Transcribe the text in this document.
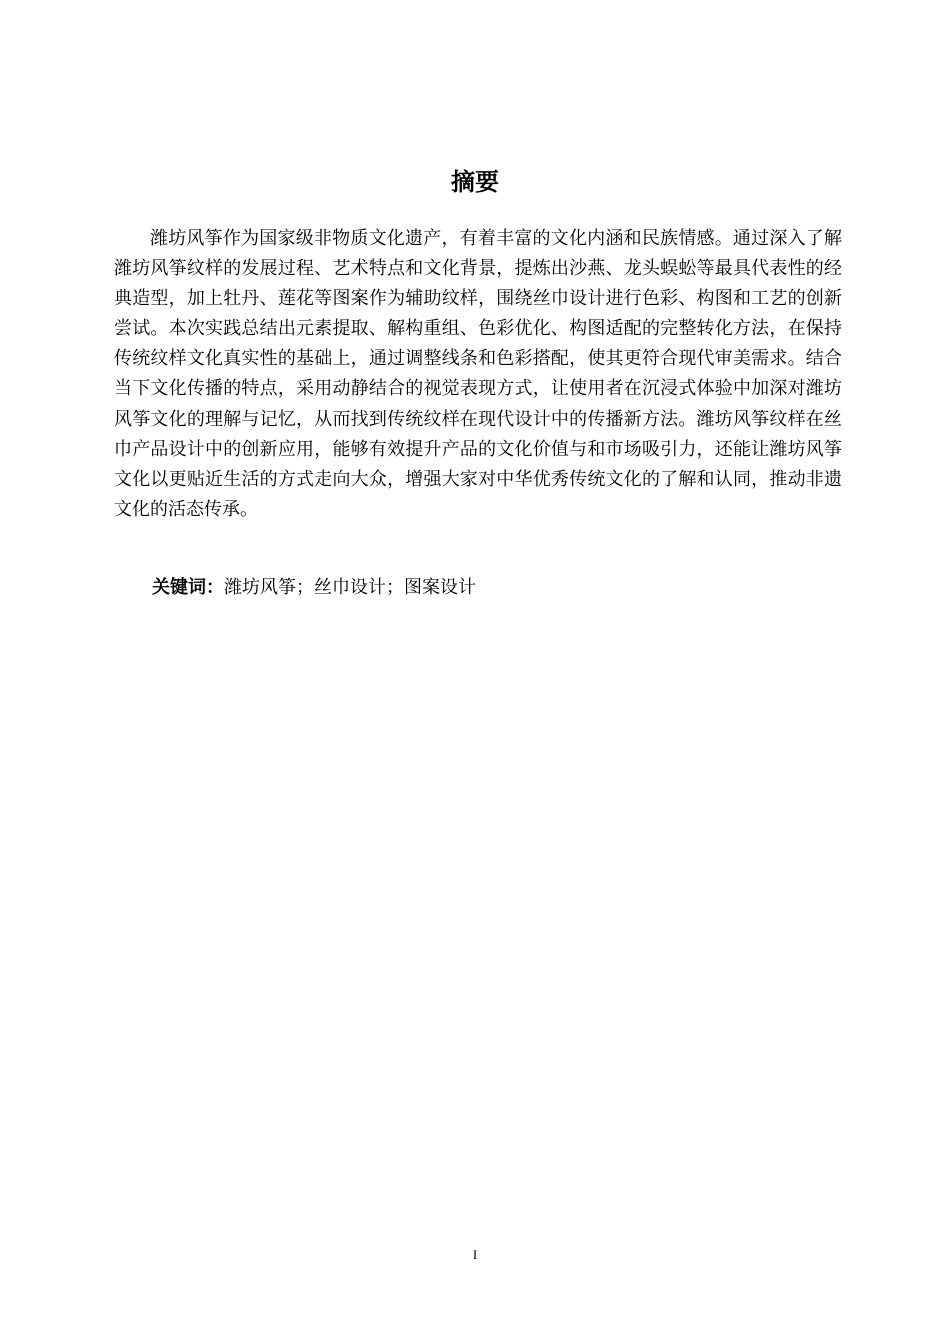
摘要

潍坊风筝作为国家级非物质文化遗产，有着丰富的文化内涵和民族情感。通过深入了解潍坊风筝纹样的发展过程、艺术特点和文化背景，提炼出沙燕、龙头蜈蚣等最具代表性的经典造型，加上牡丹、莲花等图案作为辅助纹样，围绕丝巾设计进行色彩、构图和工艺的创新尝试。本次实践总结出元素提取、解构重组、色彩优化、构图适配的完整转化方法，在保持传统纹样文化真实性的基础上，通过调整线条和色彩搭配，使其更符合现代审美需求。结合当下文化传播的特点，采用动静结合的视觉表现方式，让使用者在沉浸式体验中加深对潍坊风筝文化的理解与记忆，从而找到传统纹样在现代设计中的传播新方法。潍坊风筝纹样在丝巾产品设计中的创新应用，能够有效提升产品的文化价值与和市场吸引力，还能让潍坊风筝文化以更贴近生活的方式走向大众，增强大家对中华优秀传统文化的了解和认同，推动非遗文化的活态传承。

关键词：潍坊风筝；丝巾设计；图案设计

I
